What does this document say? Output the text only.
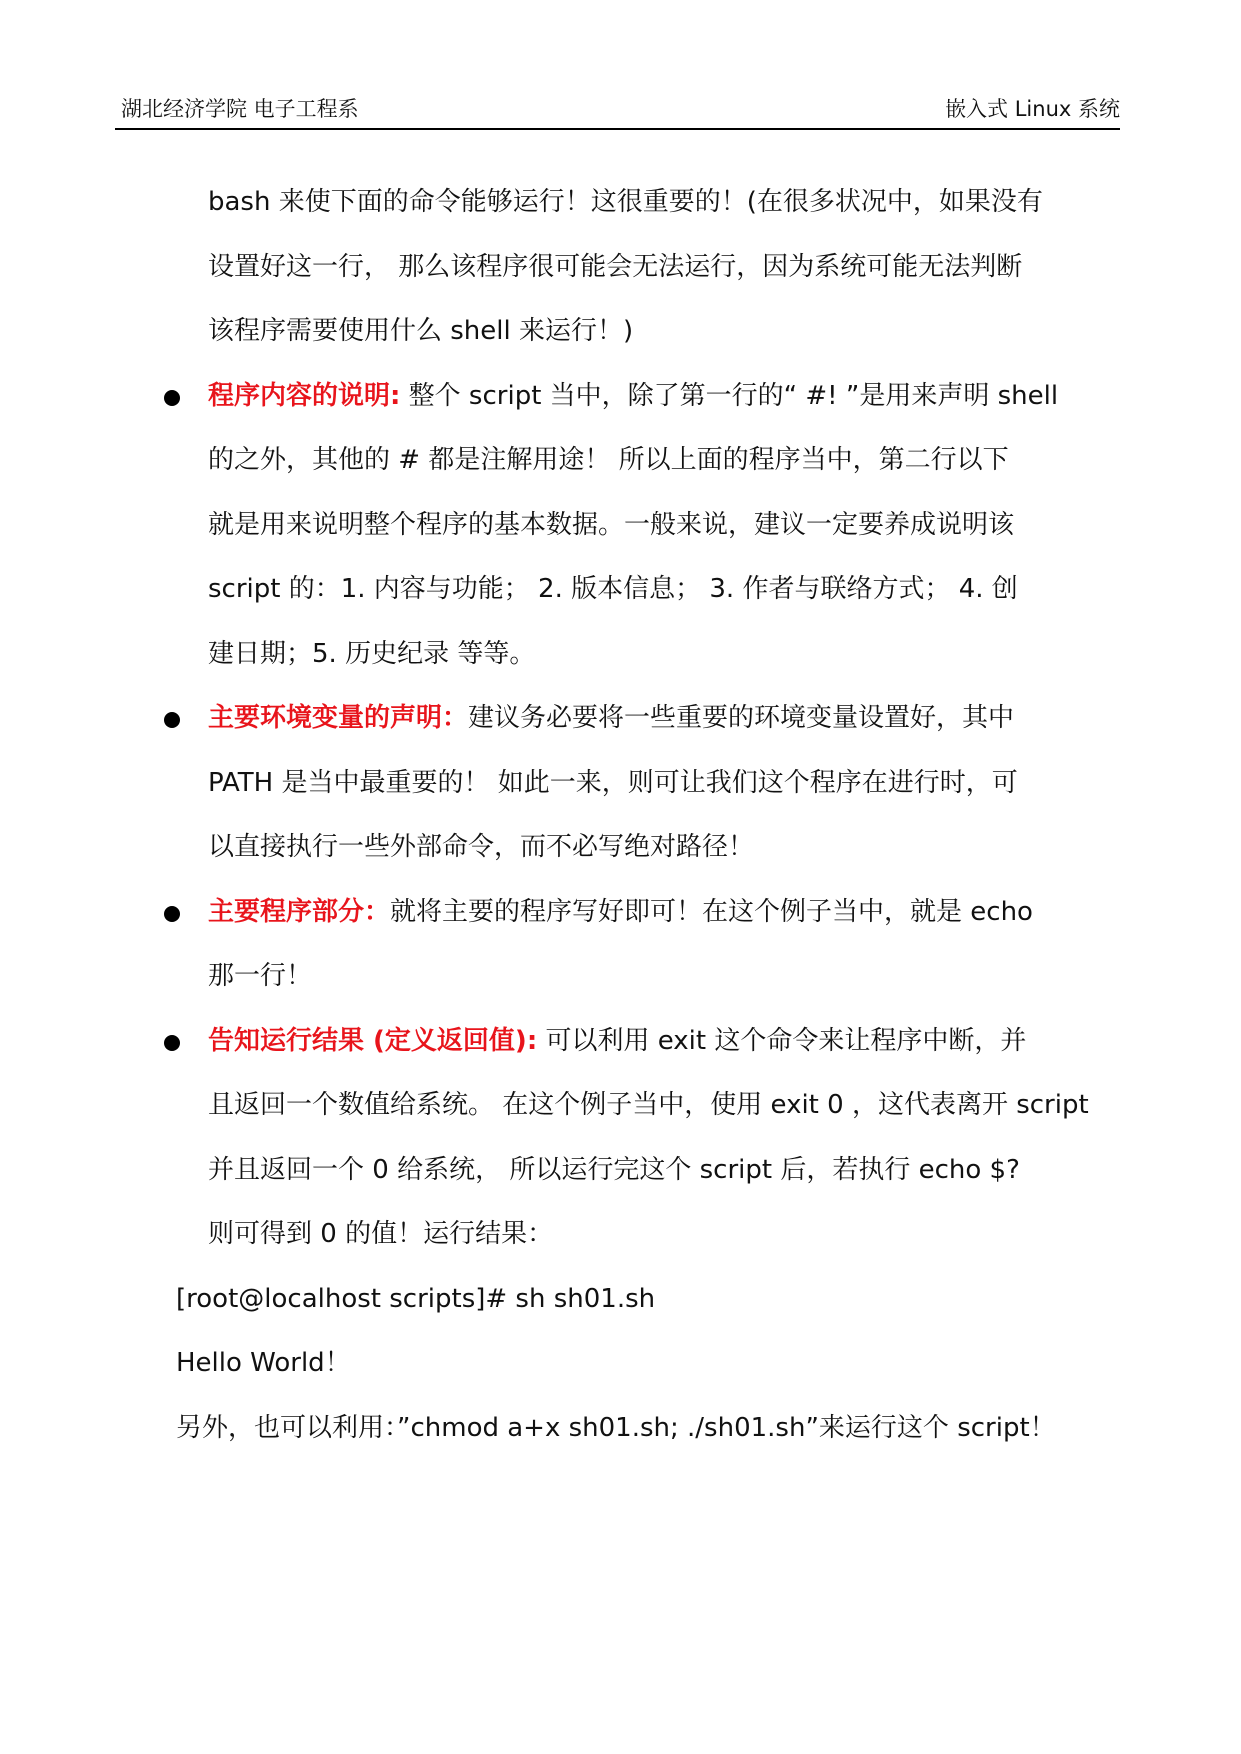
湖北经济学院 电子工程系	嵌入式 Linux 系统
bash 来使下面的命令能够运行！这很重要的！(在很多状况中，如果没有
设置好这一行， 那么该程序很可能会无法运行，因为系统可能无法判断
该程序需要使用什么 shell 来运行！)
程序内容的说明: 整个 script 当中，除了第一行的“ #! ”是用来声明 shell
的之外，其他的 # 都是注解用途！ 所以上面的程序当中，第二行以下
就是用来说明整个程序的基本数据。一般来说，建议一定要养成说明该
script 的：1. 内容与功能； 2. 版本信息； 3. 作者与联络方式； 4. 创
建日期；5. 历史纪录 等等。
主要环境变量的声明：建议务必要将一些重要的环境变量设置好，其中
PATH 是当中最重要的！ 如此一来，则可让我们这个程序在进行时，可
以直接执行一些外部命令，而不必写绝对路径！
主要程序部分：就将主要的程序写好即可！在这个例子当中，就是 echo
那一行！
告知运行结果 (定义返回值): 可以利用 exit 这个命令来让程序中断，并
且返回一个数值给系统。 在这个例子当中，使用 exit 0 ，这代表离开 script
并且返回一个 0 给系统， 所以运行完这个 script 后，若执行 echo $?
则可得到 0 的值！运行结果：
[root@localhost scripts]# sh sh01.sh
Hello World！
另外，也可以利用：”chmod a+x sh01.sh; ./sh01.sh”来运行这个 script！
